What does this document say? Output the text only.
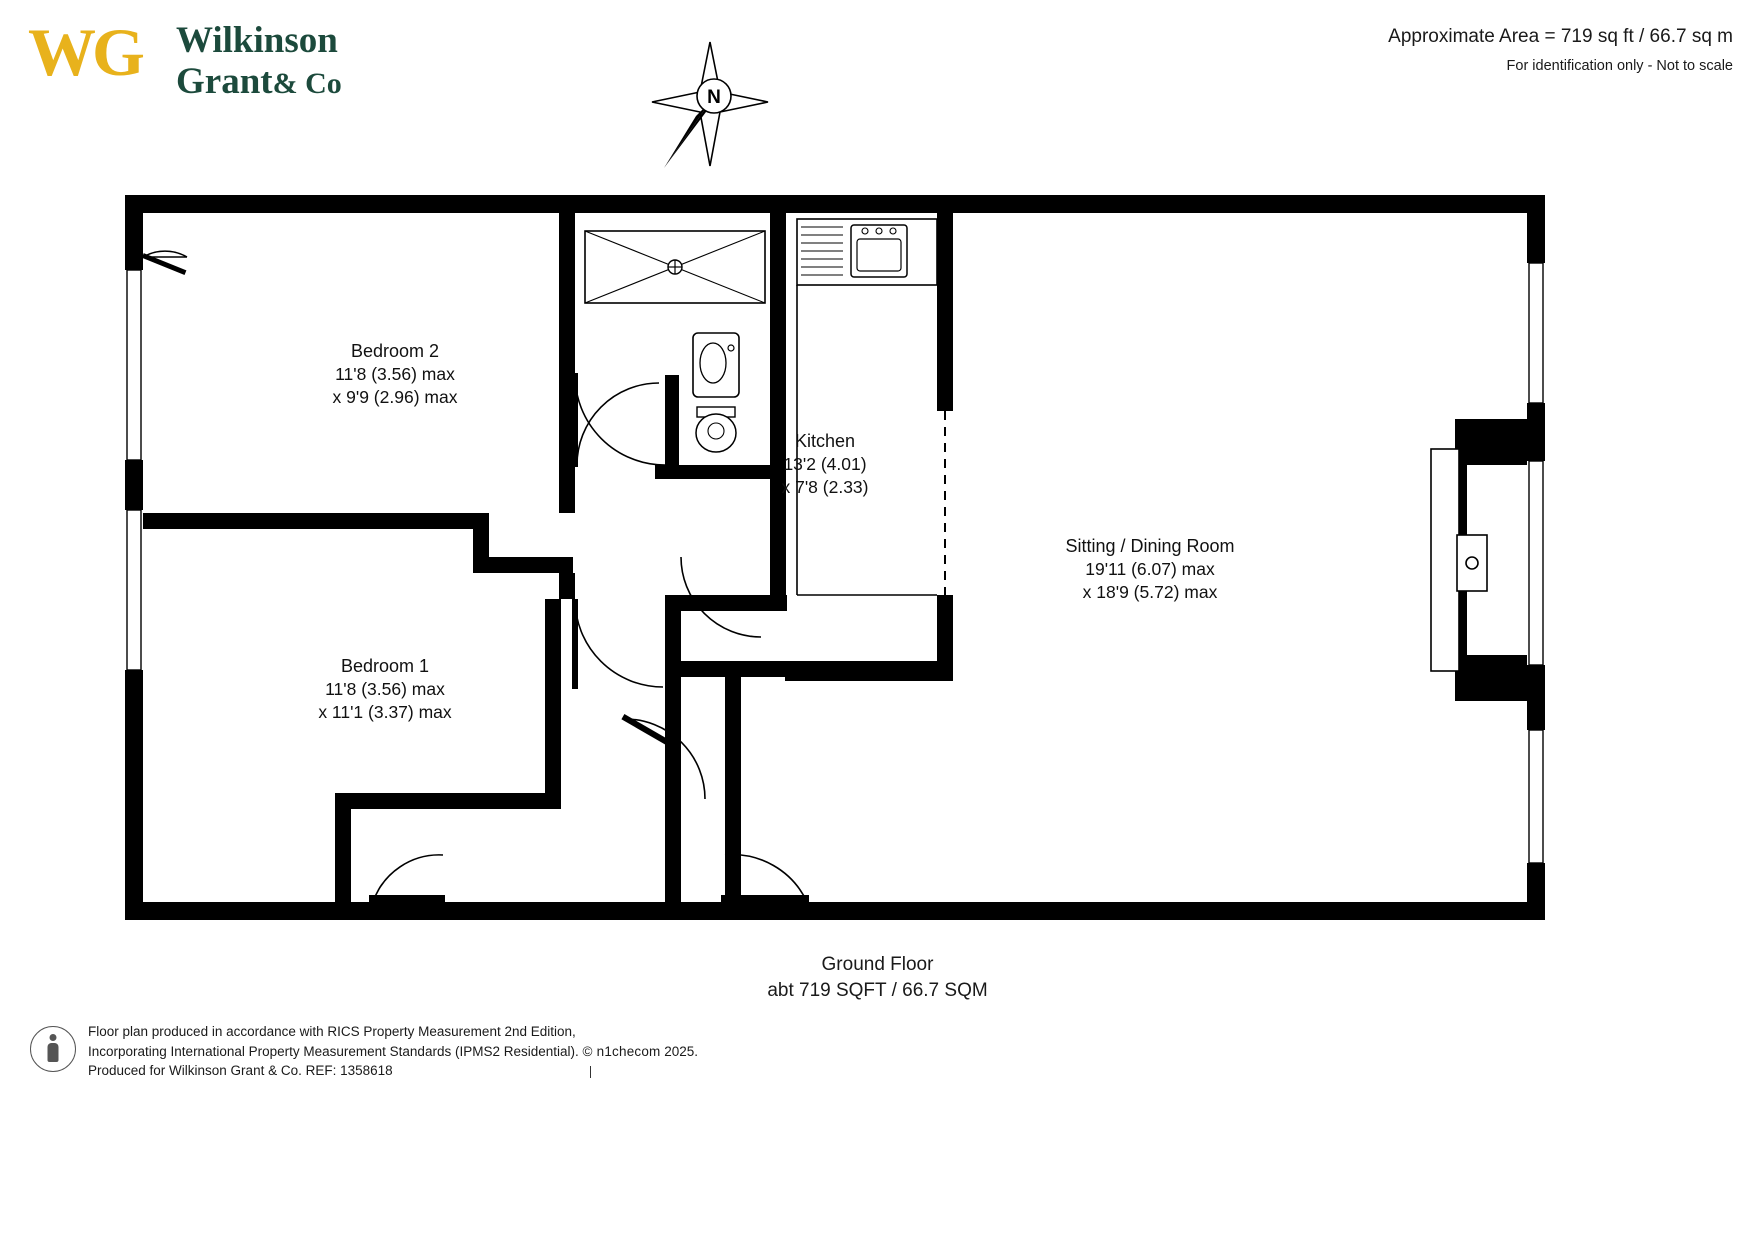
WG Wilkinson
Grant& Co
Approximate Area = 719 sq ft / 66.7 sq m
For identification only - Not to scale
N
Bedroom 2
11'8 (3.56) max
x 9'9 (2.96) max
Bedroom 1
11'8 (3.56) max
x 11'1 (3.37) max
Kitchen
13'2 (4.01)
x 7'8 (2.33)
Sitting / Dining Room
19'11 (6.07) max
x 18'9 (5.72) max
Ground Floor
abt 719 SQFT / 66.7 SQM
Floor plan produced in accordance with RICS Property Measurement 2nd Edition,
Incorporating International Property Measurement Standards (IPMS2 Residential). © n1checom 2025.
Produced for Wilkinson Grant & Co. REF: 1358618
